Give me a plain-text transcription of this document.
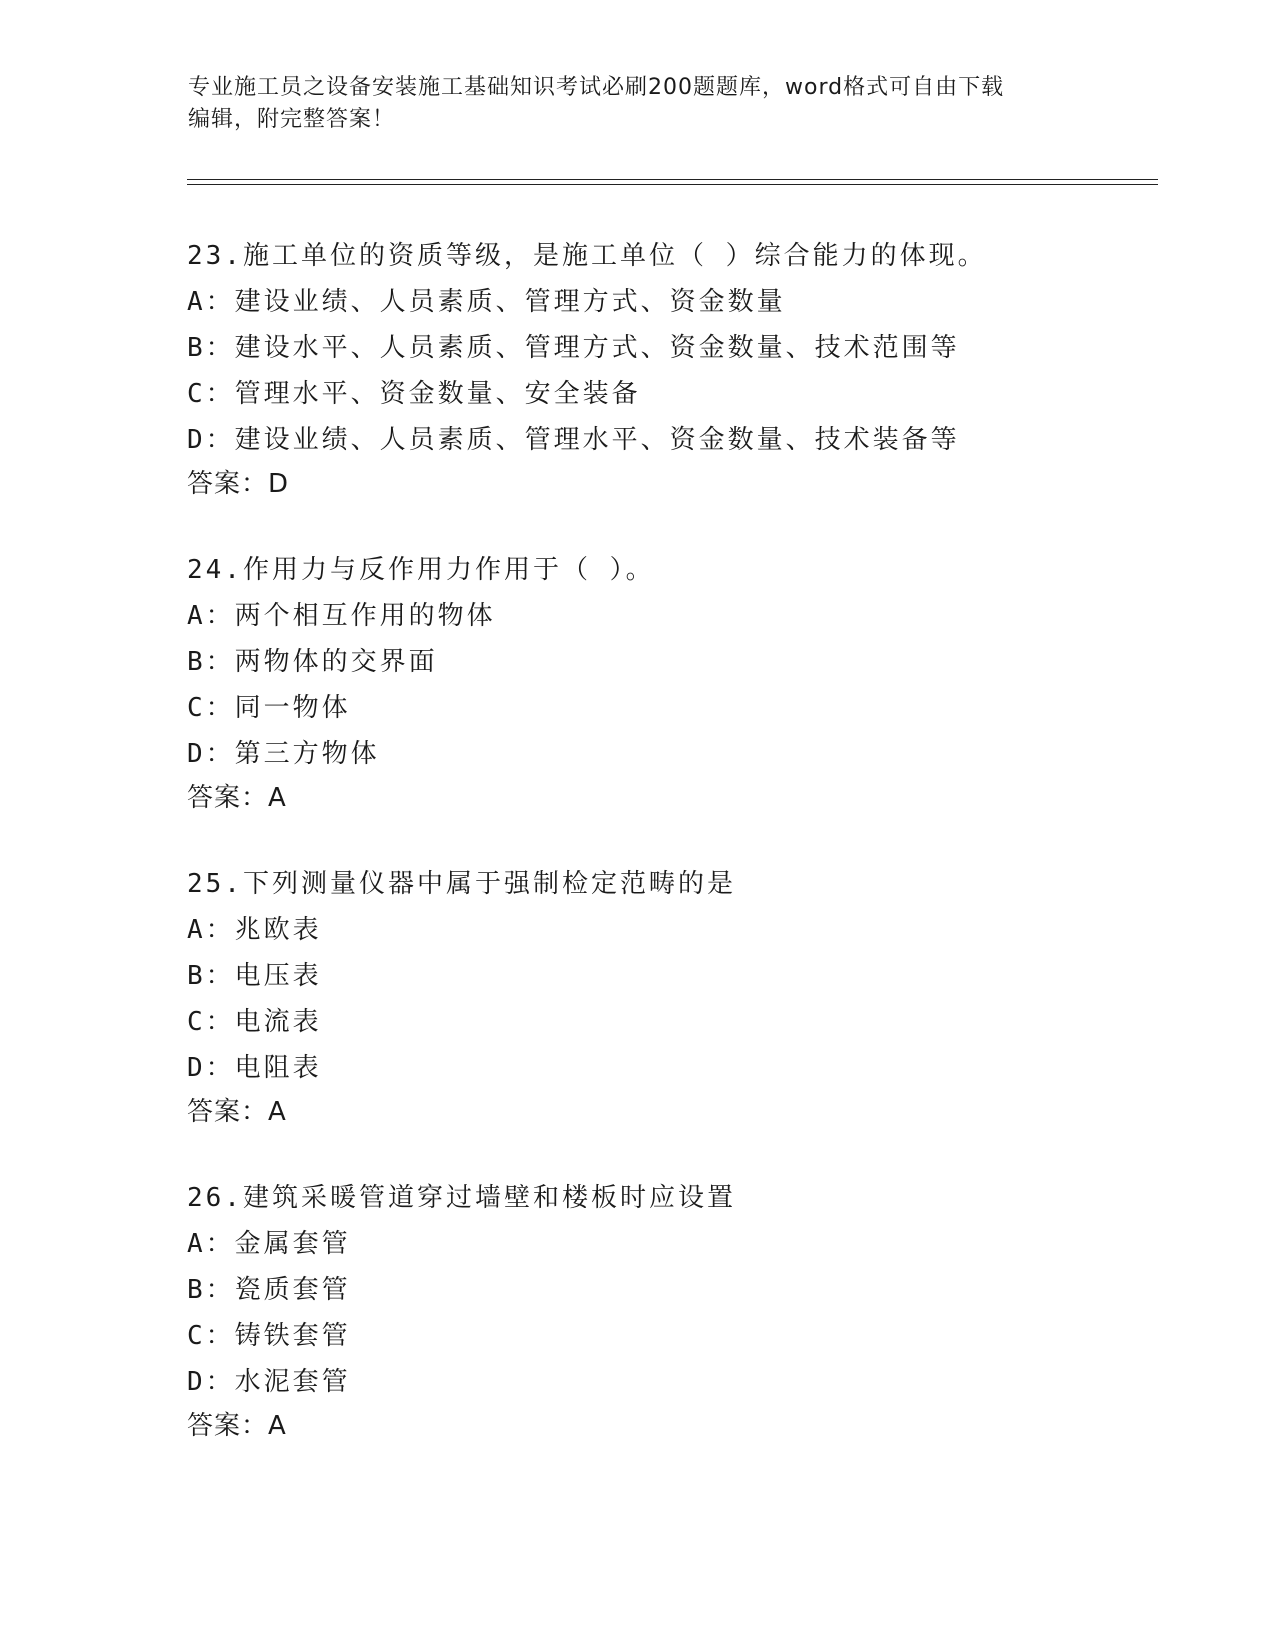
专业施工员之设备安装施工基础知识考试必刷200题题库，word格式可自由下载
编辑，附完整答案！
23.施工单位的资质等级，是施工单位（ ）综合能力的体现。
A：建设业绩、人员素质、管理方式、资金数量
B：建设水平、人员素质、管理方式、资金数量、技术范围等
C：管理水平、资金数量、安全装备
D：建设业绩、人员素质、管理水平、资金数量、技术装备等
答案：D
24.作用力与反作用力作用于（ ）。
A：两个相互作用的物体
B：两物体的交界面
C：同一物体
D：第三方物体
答案：A
25.下列测量仪器中属于强制检定范畴的是
A：兆欧表
B：电压表
C：电流表
D：电阻表
答案：A
26.建筑采暖管道穿过墙壁和楼板时应设置
A：金属套管
B：瓷质套管
C：铸铁套管
D：水泥套管
答案：A
